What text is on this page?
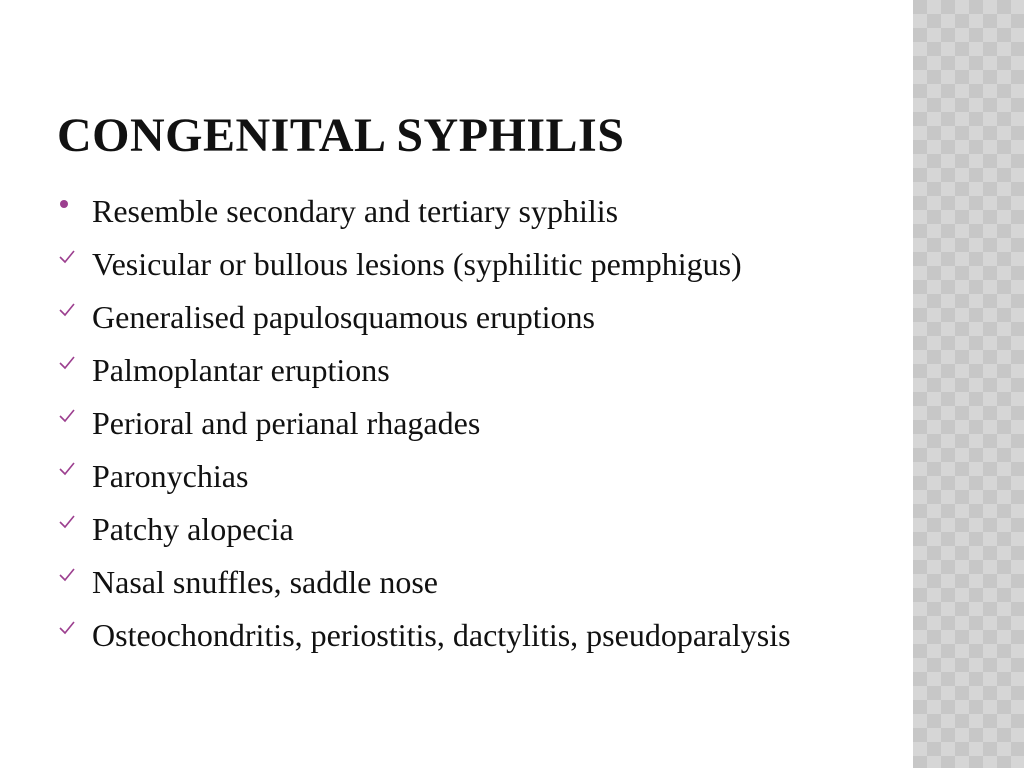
CONGENITAL SYPHILIS
Resemble secondary and tertiary syphilis
Vesicular or bullous lesions (syphilitic pemphigus)
Generalised papulosquamous eruptions
Palmoplantar eruptions
Perioral and perianal rhagades
Paronychias
Patchy alopecia
Nasal snuffles, saddle nose
Osteochondritis, periostitis, dactylitis, pseudoparalysis
